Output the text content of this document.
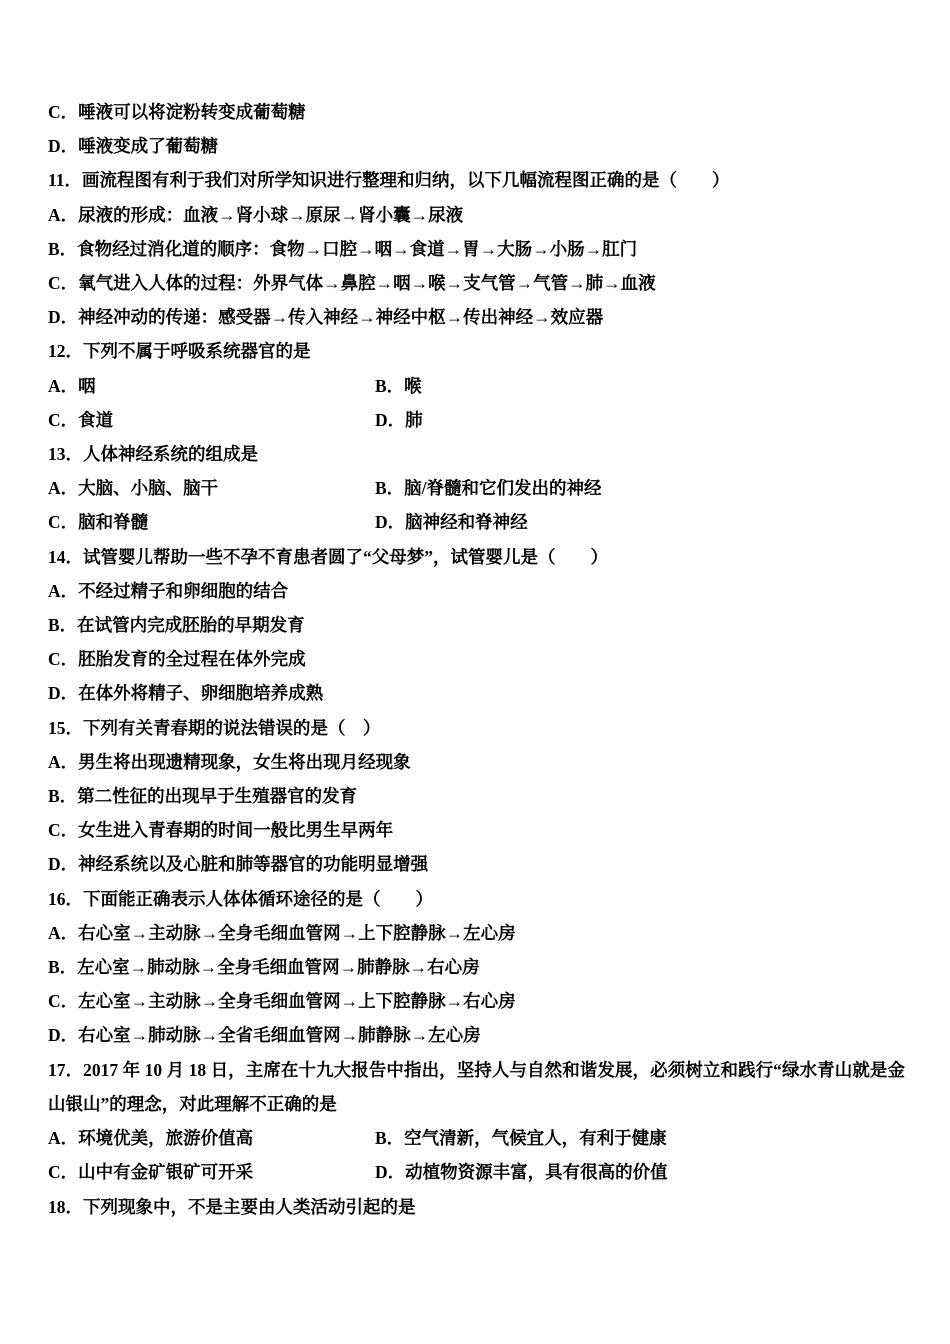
C．唾液可以将淀粉转变成葡萄糖
D．唾液变成了葡萄糖
11．画流程图有利于我们对所学知识进行整理和归纳，以下几幅流程图正确的是（　　）
A．尿液的形成：血液→肾小球→原尿→肾小囊→尿液
B．食物经过消化道的顺序：食物→口腔→咽→食道→胃→大肠→小肠→肛门
C．氧气进入人体的过程：外界气体→鼻腔→咽→喉→支气管→气管→肺→血液
D．神经冲动的传递：感受器→传入神经→神经中枢→传出神经→效应器
12．下列不属于呼吸系统器官的是
A．咽	B．喉
C．食道	D．肺
13．人体神经系统的组成是
A．大脑、小脑、脑干	B．脑/脊髓和它们发出的神经
C．脑和脊髓	D．脑神经和脊神经
14．试管婴儿帮助一些不孕不育患者圆了“父母梦”，试管婴儿是（　　）
A．不经过精子和卵细胞的结合
B．在试管内完成胚胎的早期发育
C．胚胎发育的全过程在体外完成
D．在体外将精子、卵细胞培养成熟
15．下列有关青春期的说法错误的是（　）
A．男生将出现遗精现象，女生将出现月经现象
B．第二性征的出现早于生殖器官的发育
C．女生进入青春期的时间一般比男生早两年
D．神经系统以及心脏和肺等器官的功能明显增强
16．下面能正确表示人体体循环途径的是（　　）
A．右心室→主动脉→全身毛细血管网→上下腔静脉→左心房
B．左心室→肺动脉→全身毛细血管网→肺静脉→右心房
C．左心室→主动脉→全身毛细血管网→上下腔静脉→右心房
D．右心室→肺动脉→全省毛细血管网→肺静脉→左心房
17．2017 年 10 月 18 日，主席在十九大报告中指出，坚持人与自然和谐发展，必须树立和践行“绿水青山就是金山银山”的理念，对此理解不正确的是
A．环境优美，旅游价值高	B．空气清新，气候宜人，有利于健康
C．山中有金矿银矿可开采	D．动植物资源丰富，具有很高的价值
18．下列现象中，不是主要由人类活动引起的是
